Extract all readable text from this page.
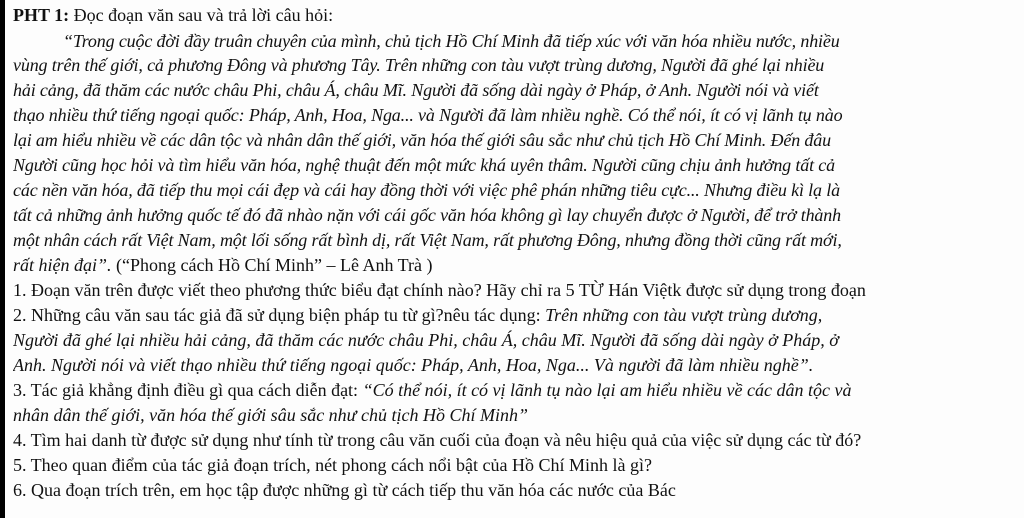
PHT 1: Đọc đoạn văn sau và trả lời câu hỏi:
“Trong cuộc đời đầy truân chuyên của mình, chủ tịch Hồ Chí Minh đã tiếp xúc với văn hóa nhiều nước, nhiều
vùng trên thế giới, cả phương Đông và phương Tây. Trên những con tàu vượt trùng dương, Người đã ghé lại nhiều
hải cảng, đã thăm các nước châu Phi, châu Á, châu Mĩ. Người đã sống dài ngày ở Pháp, ở Anh. Người nói và viết
thạo nhiều thứ tiếng ngoại quốc: Pháp, Anh, Hoa, Nga... và Người đã làm nhiều nghề. Có thể nói, ít có vị lãnh tụ nào
lại am hiểu nhiều về các dân tộc và nhân dân thế giới, văn hóa thế giới sâu sắc như chủ tịch Hồ Chí Minh. Đến đâu
Người cũng học hỏi và tìm hiểu văn hóa, nghệ thuật đến một mức khá uyên thâm. Người cũng chịu ảnh hưởng tất cả
các nền văn hóa, đã tiếp thu mọi cái đẹp và cái hay đồng thời với việc phê phán những tiêu cực... Nhưng điều kì lạ là
tất cả những ảnh hưởng quốc tế đó đã nhào nặn với cái gốc văn hóa không gì lay chuyển được ở Người, để trở thành
một nhân cách rất Việt Nam, một lối sống rất bình dị, rất Việt Nam, rất phương Đông, nhưng đồng thời cũng rất mới,
rất hiện đại”. (“Phong cách Hồ Chí Minh” – Lê Anh Trà )
1. Đoạn văn trên được viết theo phương thức biểu đạt chính nào? Hãy chỉ ra 5 TỪ Hán Việtk được sử dụng trong đoạn
2. Những câu văn sau tác giả đã sử dụng biện pháp tu từ gì?nêu tác dụng: Trên những con tàu vượt trùng dương,
Người đã ghé lại nhiều hải cảng, đã thăm các nước châu Phi, châu Á, châu Mĩ. Người đã sống dài ngày ở Pháp, ở
Anh. Người nói và viết thạo nhiều thứ tiếng ngoại quốc: Pháp, Anh, Hoa, Nga... Và người đã làm nhiều nghề”.
3. Tác giả khẳng định điều gì qua cách diễn đạt: “Có thể nói, ít có vị lãnh tụ nào lại am hiểu nhiều về các dân tộc và
nhân dân thế giới, văn hóa thế giới sâu sắc như chủ tịch Hồ Chí Minh”
4. Tìm hai danh từ được sử dụng như tính từ trong câu văn cuối của đoạn và nêu hiệu quả của việc sử dụng các từ đó?
5. Theo quan điểm của tác giả đoạn trích, nét phong cách nổi bật của Hồ Chí Minh là gì?
6. Qua đoạn trích trên, em học tập được những gì từ cách tiếp thu văn hóa các nước của Bác
